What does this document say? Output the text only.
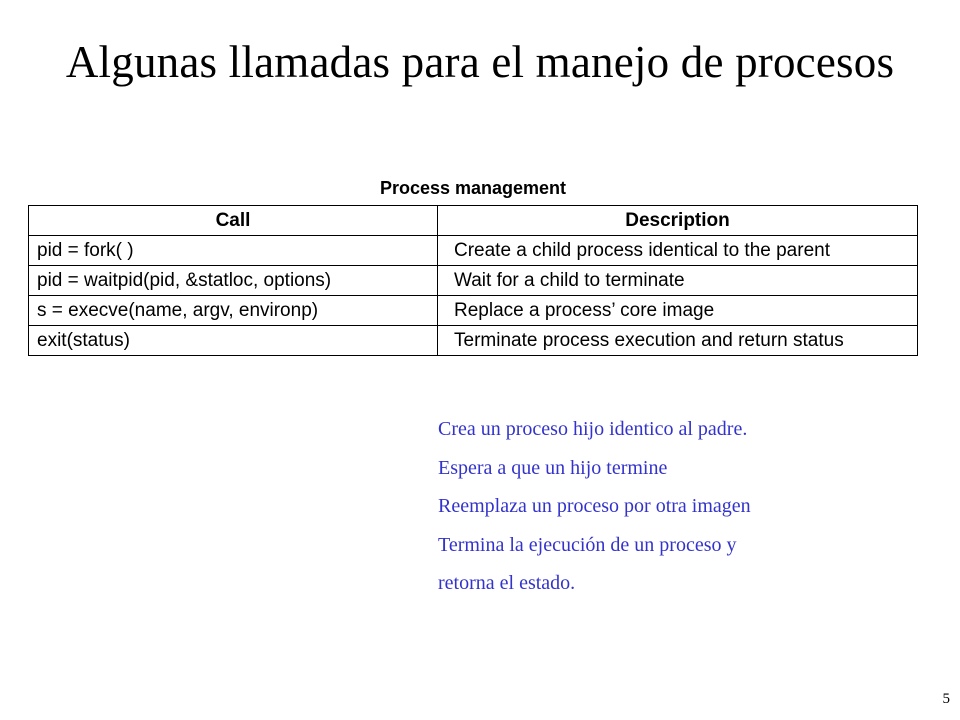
Algunas llamadas para el manejo de procesos
Process management
Call	Description
pid = fork( )	Create a child process identical to the parent
pid = waitpid(pid, &statloc, options)	Wait for a child to terminate
s = execve(name, argv, environp)	Replace a process’ core image
exit(status)	Terminate process execution and return status
Crea un proceso hijo identico al padre.
Espera a que un hijo termine
Reemplaza un proceso por otra imagen
Termina la ejecución de un proceso y
retorna el estado.
5
